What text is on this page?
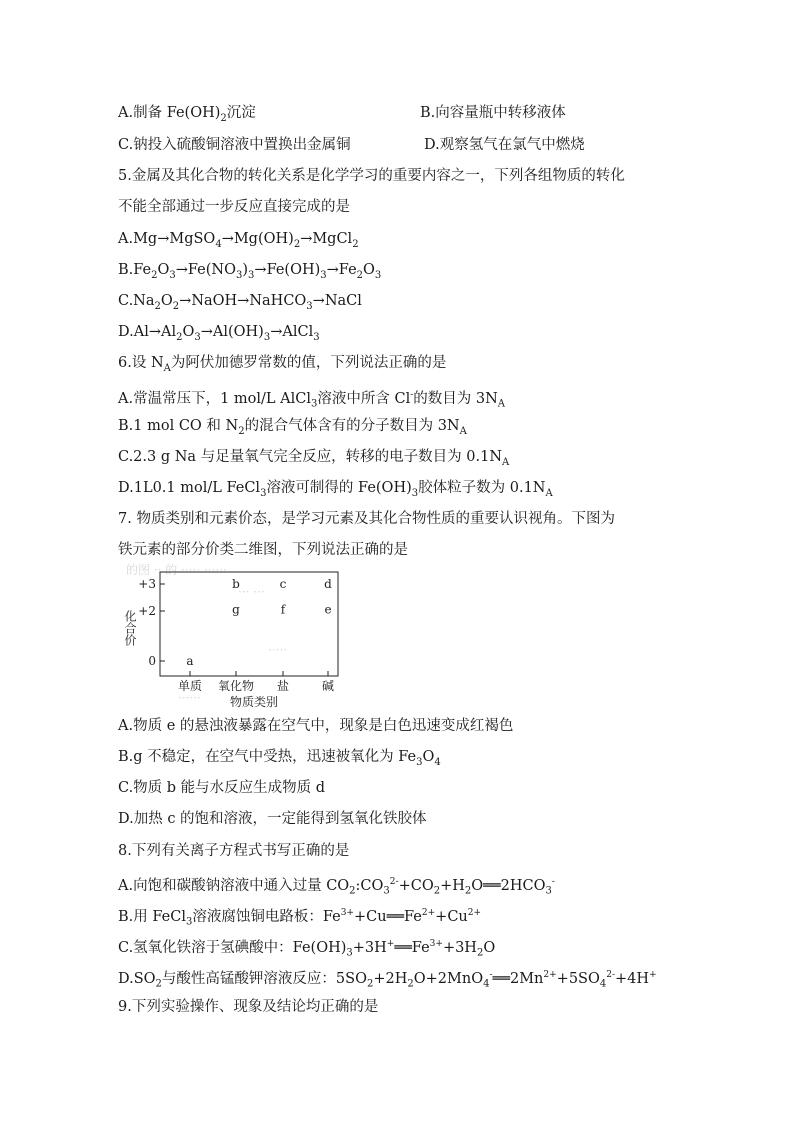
A.制备 $Fe(OH)_2$沉淀	B.向容量瓶中转移液体
C.钠投入硫酸铜溶液中置换出金属铜	D.观察氢气在氯气中燃烧
5.金属及其化合物的转化关系是化学学习的重要内容之一，下列各组物质的转化
不能全部通过一步反应直接完成的是
$A.Mg\to MgSO_4\to Mg(OH)_2\to MgCl_2$
$B.Fe_2O_3\to Fe(NO_3)_3\to Fe(OH)_3\to Fe_2O_3$
$C.Na_2O_2\to NaOH\to NaHCO_3\to NaCl$
$D.Al\to Al_2O_3\to Al(OH)_3\to AlCl_3$
6.设 $N_A$为阿伏加德罗常数的值，下列说法正确的是
A.常温常压下，1 mol/L AlCl$_3$溶液中所含 Cl-的数目为 $3N_A$
B.1 mol CO 和 $N_2$的混合气体含有的分子数目为 $3N_A$
C.2.3 g Na 与足量氧气完全反应，转移的电子数目为 $0.1N_A$
D.1L0.1 mol/L FeCl$_3$溶液可制得的 $Fe(OH)_3$胶体粒子数为 $0.1N_A$
7. 物质类别和元素价态，是学习元素及其化合物性质的重要认识视角。下图为
铁元素的部分价类二维图，下列说法正确的是
的图 ·· 的 ····· ······
··· ···
·····
······
+3
+2
0
化合价
单质 氧化物 盐	碱
物质类别
a
b	c	d
g	f	e
A.物质 e 的悬浊液暴露在空气中，现象是白色迅速变成红褐色
B.g 不稳定，在空气中受热，迅速被氧化为 $Fe_3O_4$
C.物质 b 能与水反应生成物质 d
D.加热 c 的饱和溶液，一定能得到氢氧化铁胶体
8.下列有关离子方程式书写正确的是
A.向饱和碳酸钠溶液中通入过量 $CO_2:CO_3^{2-}+CO_2+H_2O══2HCO_3^-$
B.用 FeCl$_3$溶液腐蚀铜电路板：$Fe^{3+}+Cu══Fe^{2+}+Cu^{2+}$
C.氢氧化铁溶于氢碘酸中：$Fe(OH)_3+3H^+══Fe^{3+}+3H_2O$
$D.SO_2$与酸性高锰酸钾溶液反应：$5SO_2+2H_2O+2MnO_4^-══2Mn^{2+}+5SO_4^{2-}+4H^+$
9.下列实验操作、现象及结论均正确的是
